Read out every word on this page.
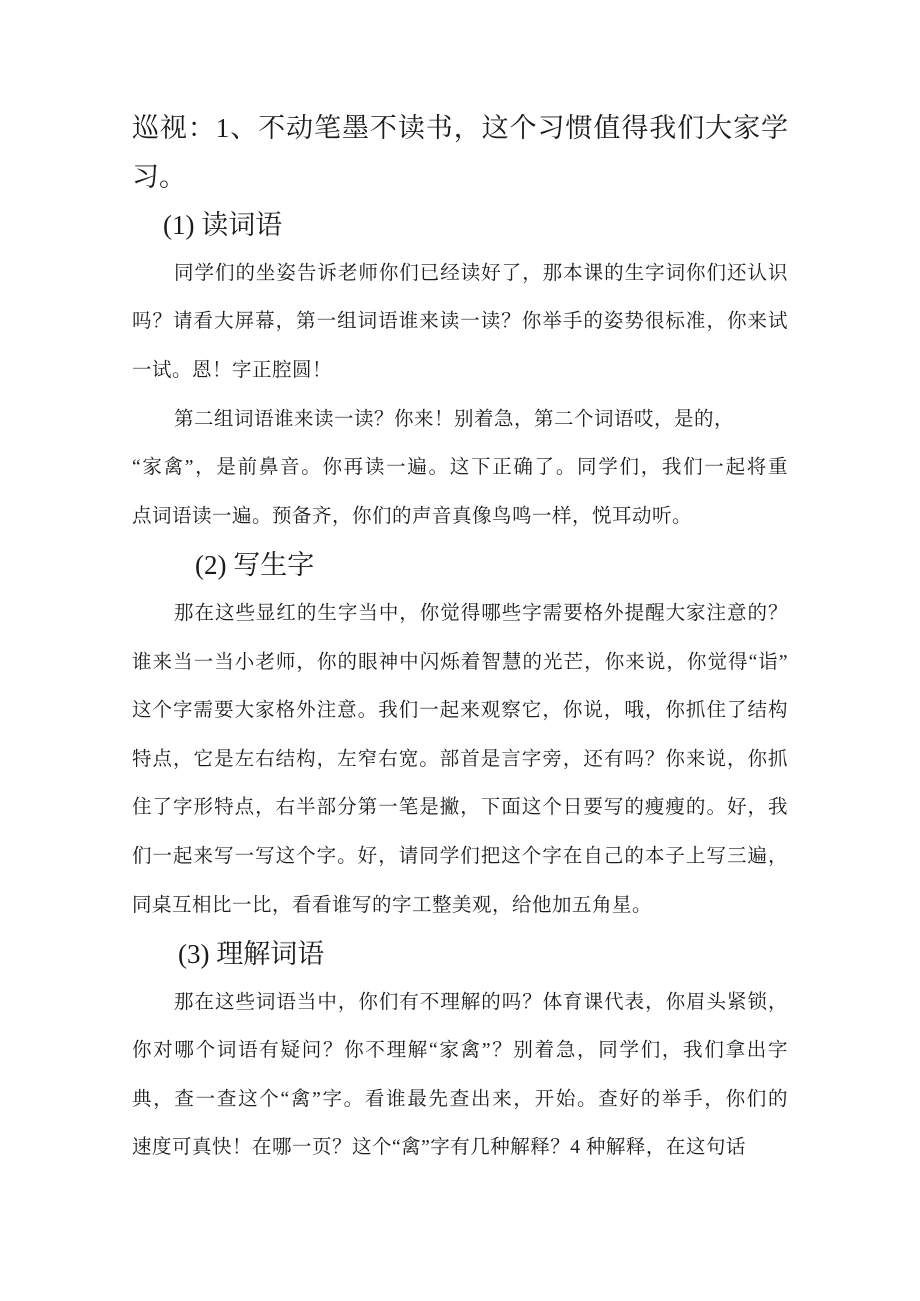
巡视：1、不动笔墨不读书，这个习惯值得我们大家学
习。
(1) 读词语
同学们的坐姿告诉老师你们已经读好了，那本课的生字词你们还认识
吗？请看大屏幕，第一组词语谁来读一读？你举手的姿势很标准，你来试
一试。恩！字正腔圆！
第二组词语谁来读一读？你来！别着急，第二个词语哎，是的，
“家禽”，是前鼻音。你再读一遍。这下正确了。同学们，我们一起将重
点词语读一遍。预备齐，你们的声音真像鸟鸣一样，悦耳动听。
(2) 写生字
那在这些显红的生字当中，你觉得哪些字需要格外提醒大家注意的？
谁来当一当小老师，你的眼神中闪烁着智慧的光芒，你来说，你觉得“诣”
这个字需要大家格外注意。我们一起来观察它，你说，哦，你抓住了结构
特点，它是左右结构，左窄右宽。部首是言字旁，还有吗？你来说，你抓
住了字形特点，右半部分第一笔是撇，下面这个日要写的瘦瘦的。好，我
们一起来写一写这个字。好，请同学们把这个字在自己的本子上写三遍，
同桌互相比一比，看看谁写的字工整美观，给他加五角星。
(3) 理解词语
那在这些词语当中，你们有不理解的吗？体育课代表，你眉头紧锁，
你对哪个词语有疑问？你不理解“家禽”？别着急，同学们，我们拿出字
典，查一查这个“禽”字。看谁最先查出来，开始。查好的举手，你们的
速度可真快！在哪一页？这个“禽”字有几种解释？4 种解释，在这句话
